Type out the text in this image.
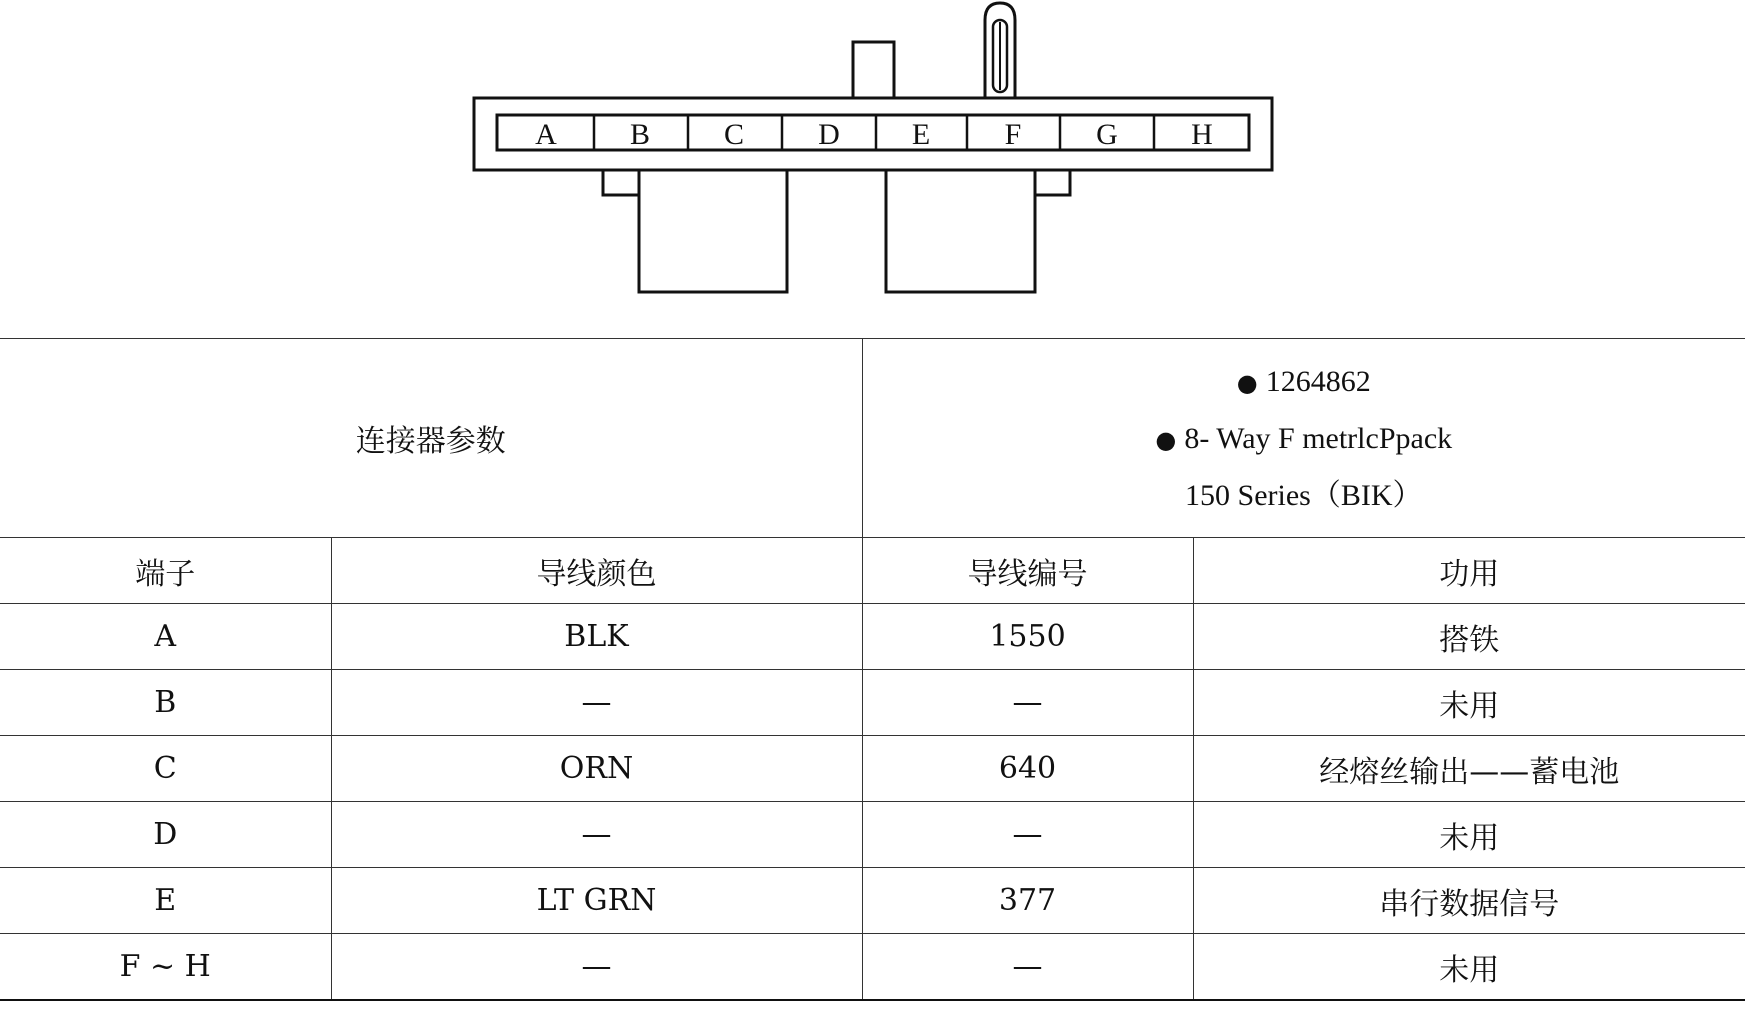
A B C D E F G H
连接器参数		● 1264862
● 8- Way F metrlcPpack
150 Series（BIK）	

端子	导线颜色	导线编号	功用
A	BLK	1550	搭铁
B	—	—	未用
C	ORN	640	经熔丝输出——蓄电池
D	—	—	未用
E	LT GRN	377	串行数据信号
F ~ H	—	—	未用
